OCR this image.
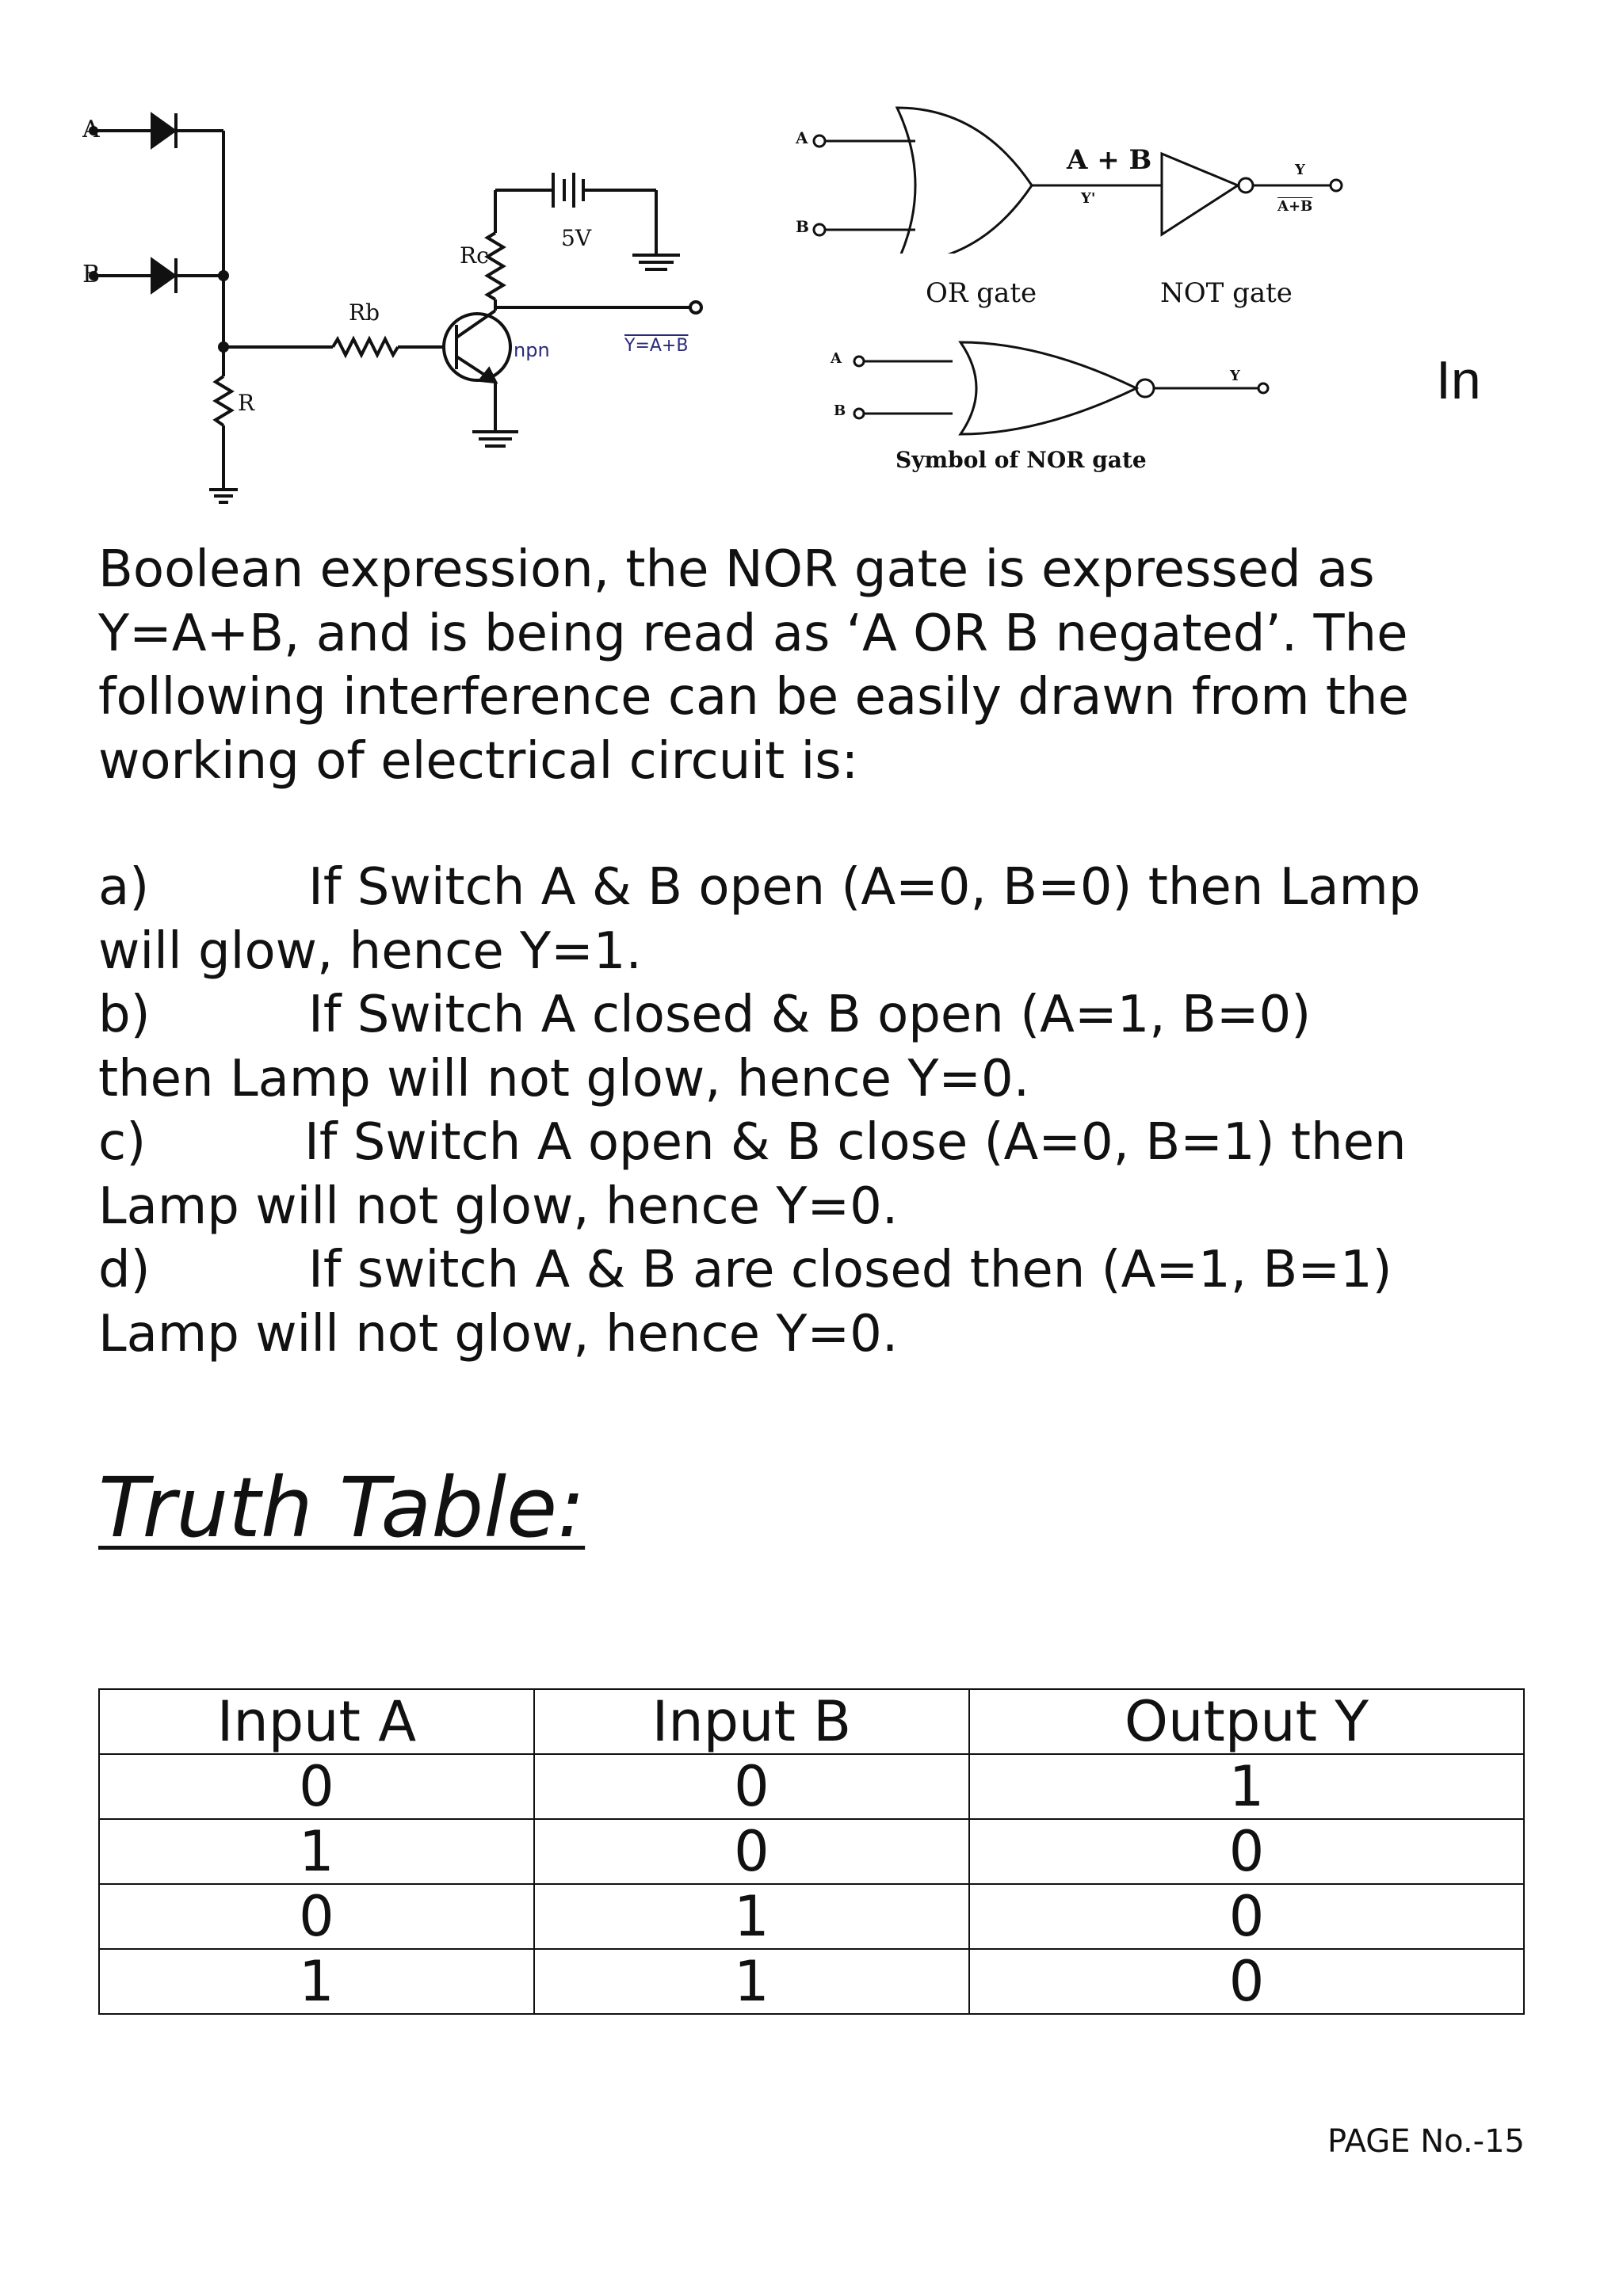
A
B
Rc
Rb
R
5V
npn	Y=A+B
A
B
A + B
Y'
Y
A+B
OR gate	NOT gate
A
B
Y
Symbol of NOR gate
In
Boolean expression, the NOR gate is expressed as
Y=A+B, and is being read as ‘A OR B negated’. The
following interference can be easily drawn from the
working of electrical circuit is:
a)	If Switch A & B open (A=0, B=0) then Lamp
will glow, hence Y=1.
b)	If Switch A closed & B open (A=1, B=0)
then Lamp will not glow, hence Y=0.
c)	If Switch A open & B close (A=0, B=1) then
Lamp will not glow, hence Y=0.
d)	If switch A & B are closed then (A=1, B=1)
Lamp will not glow, hence Y=0.
Truth Table:
Input A	Input B	Output Y
0	0	1
1	0	0
0	1	0
1	1	0
PAGE No.-15
